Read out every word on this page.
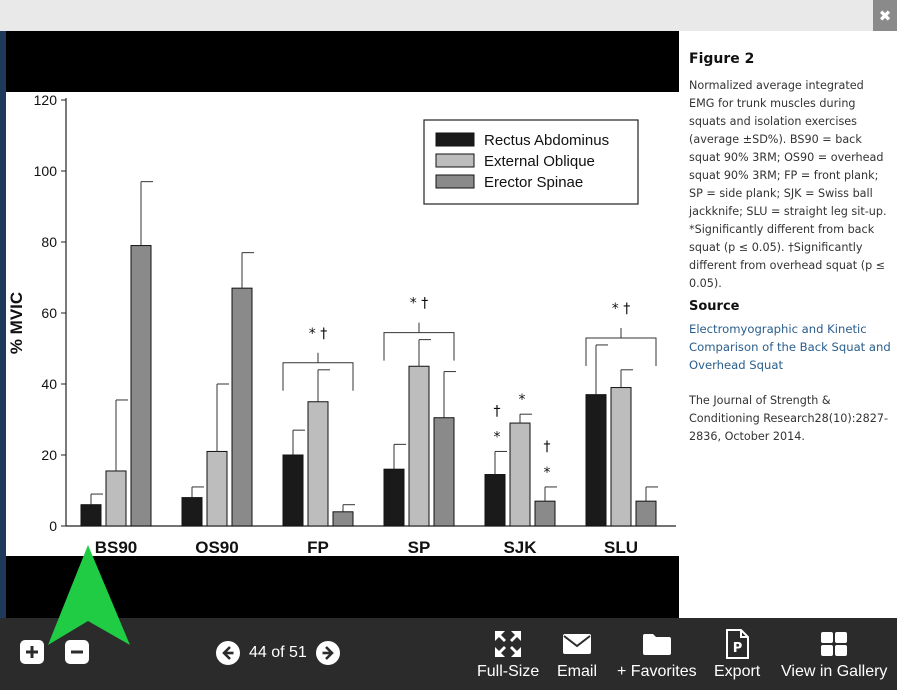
✖
0
20
40
60
80
100
120
% MVIC
BS90	OS90	FP	SP	SJK	SLU
Rectus Abdominus
External Oblique
Erector Spinae
* †
* †	* †
*
†
*
*
†
Figure 2
Normalized average integrated EMG for trunk muscles during squats and isolation exercises (average ±SD%). BS90 = back squat 90% 3RM; OS90 = overhead squat 90% 3RM; FP = front plank; SP = side plank; SJK = Swiss ball jackknife; SLU = straight leg sit-up. *Significantly different from back squat (p ≤ 0.05). †Significantly different from overhead squat (p ≤ 0.05).
Source
Electromyographic and Kinetic Comparison of the Back Squat and Overhead Squat
The Journal of Strength & Conditioning Research28(10):2827-2836, October 2014.
44 of 51
Full-Size Email + Favorites
P
Export View in Gallery
